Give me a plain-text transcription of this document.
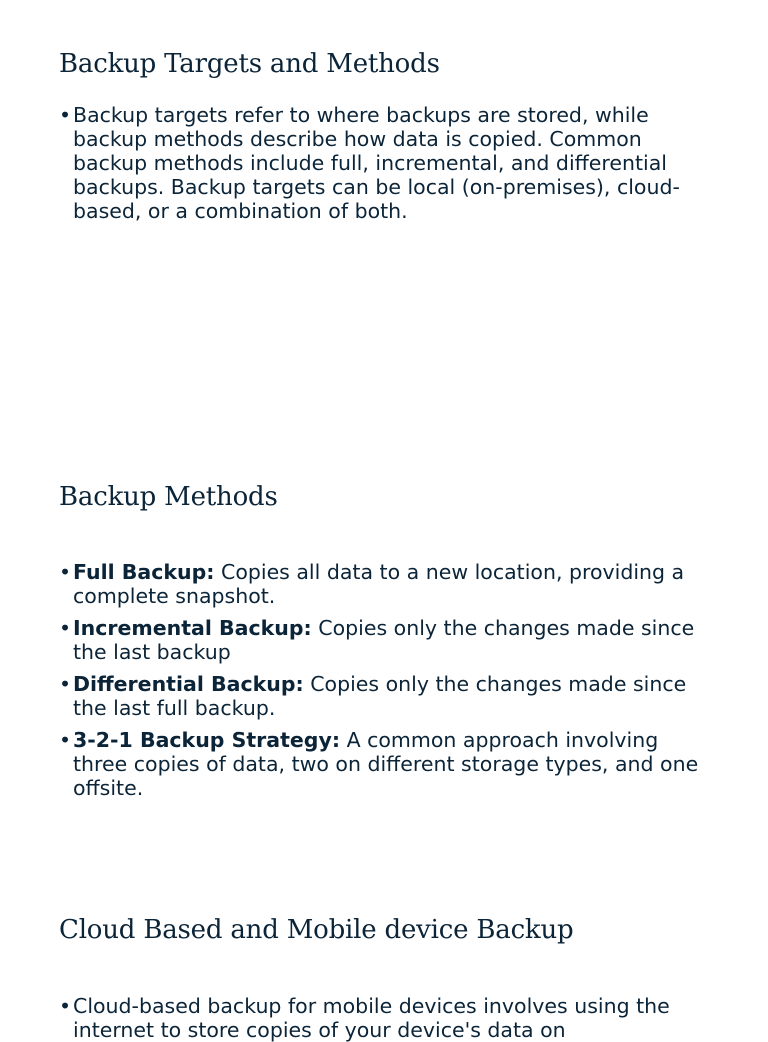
Backup Targets and Methods
• Backup targets refer to where backups are stored, while backup methods describe how data is copied. Common backup methods include full, incremental, and differential backups. Backup targets can be local (on-premises), cloud-based, or a combination of both.
Backup Methods
• Full Backup: Copies all data to a new location, providing a complete snapshot.
• Incremental Backup: Copies only the changes made since the last backup
• Differential Backup: Copies only the changes made since the last full backup.
• 3-2-1 Backup Strategy: A common approach involving three copies of data, two on different storage types, and one offsite.
Cloud Based and Mobile device Backup
• Cloud-based backup for mobile devices involves using the internet to store copies of your device's data on
